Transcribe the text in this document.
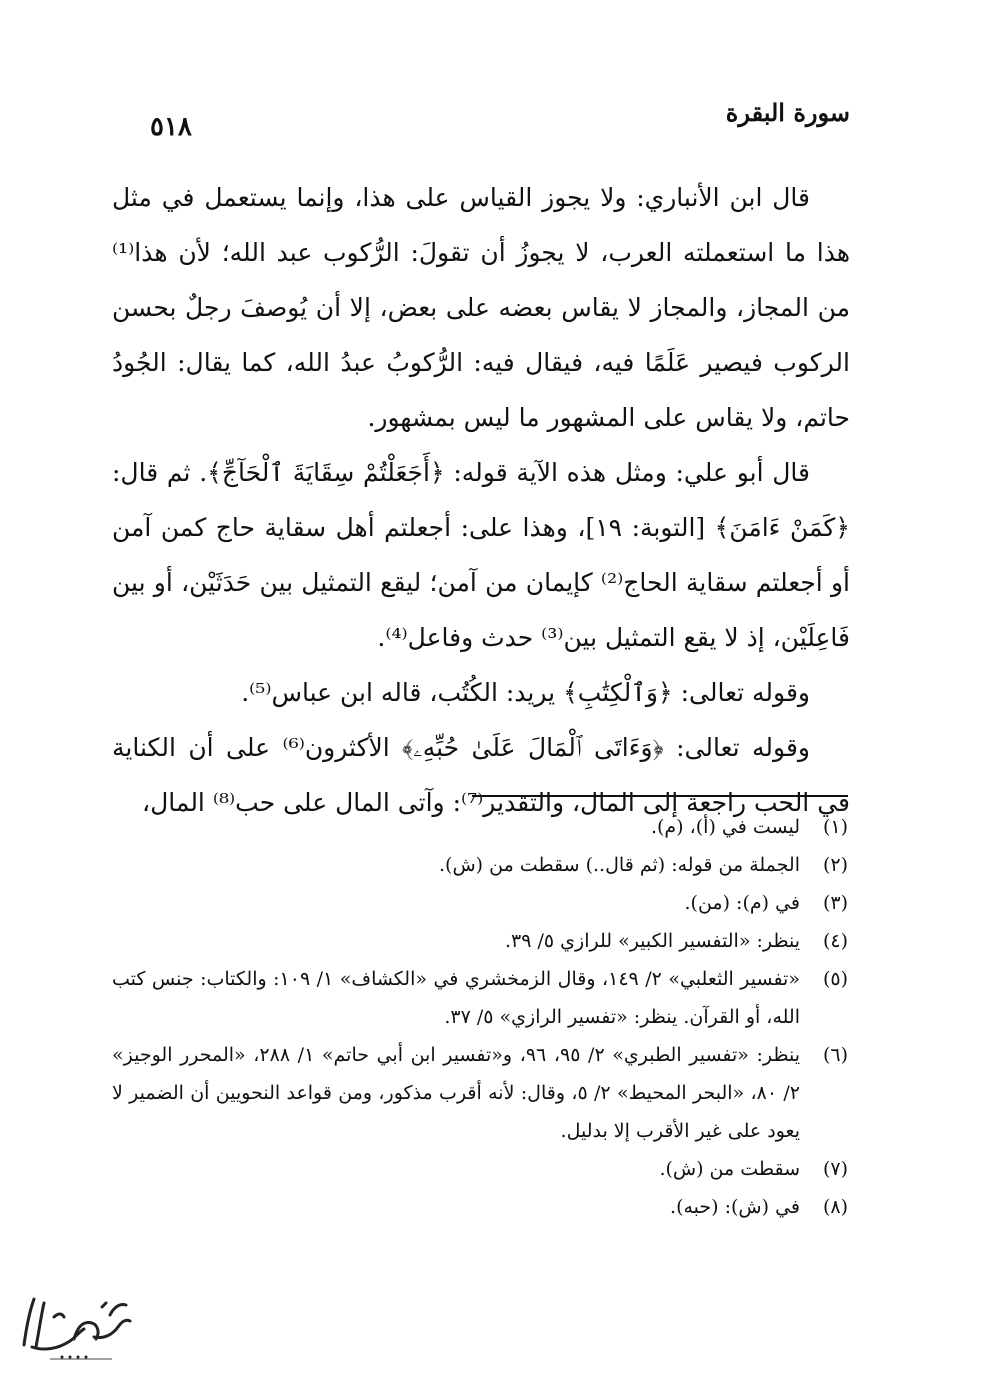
سورة البقرة
٥١٨

قال ابن الأنباري: ولا يجوز القياس على هذا، وإنما يستعمل في مثل هذا ما استعملته العرب، لا يجوزُ أن تقولَ: الرُّكوب عبد الله؛ لأن هذا⁽¹⁾ من المجاز، والمجاز لا يقاس بعضه على بعض، إلا أن يُوصفَ رجلٌ بحسن الركوب فيصير عَلَمًا فيه، فيقال فيه: الرُّكوبُ عبدُ الله، كما يقال: الجُودُ حاتم، ولا يقاس على المشهور ما ليس بمشهور.

قال أبو علي: ومثل هذه الآية قوله: ﴿أَجَعَلْتُمْ سِقَايَةَ ٱلْحَآجِّ﴾. ثم قال: ﴿كَمَنْ ءَامَنَ﴾ [التوبة: ١٩]، وهذا على: أجعلتم أهل سقاية حاج كمن آمن أو أجعلتم سقاية الحاج⁽²⁾ كإيمان من آمن؛ ليقع التمثيل بين حَدَثَيْن، أو بين فَاعِلَيْن، إذ لا يقع التمثيل بين⁽³⁾ حدث وفاعل⁽⁴⁾.

وقوله تعالى: ﴿وَٱلْكِتَٰبِ﴾ يريد: الكُتُب، قاله ابن عباس⁽⁵⁾.

وقوله تعالى: ﴿وَءَاتَى ٱلْمَالَ عَلَىٰ حُبِّهِۦ﴾ الأكثرون⁽⁶⁾ على أن الكناية في الحب راجعة إلى المال، والتقدير⁽⁷⁾: وآتى المال على حب⁽⁸⁾ المال،

(١)
ليست في (أ)، (م).
(٢)
الجملة من قوله: (ثم قال..) سقطت من (ش).
(٣)
في (م): (من).
(٤)
ينظر: «التفسير الكبير» للرازي ٥/ ٣٩.
(٥)
«تفسير الثعلبي» ٢/ ١٤٩، وقال الزمخشري في «الكشاف» ١/ ١٠٩: والكتاب: جنس كتب الله، أو القرآن. ينظر: «تفسير الرازي» ٥/ ٣٧.
(٦)
ينظر: «تفسير الطبري» ٢/ ٩٥، ٩٦، و«تفسير ابن أبي حاتم» ١/ ٢٨٨، «المحرر الوجيز» ٢/ ٨٠، «البحر المحيط» ٢/ ٥، وقال: لأنه أقرب مذكور، ومن قواعد النحويين أن الضمير لا يعود على غير الأقرب إلا بدليل.
(٧)
سقطت من (ش).
(٨)
في (ش): (حبه).
